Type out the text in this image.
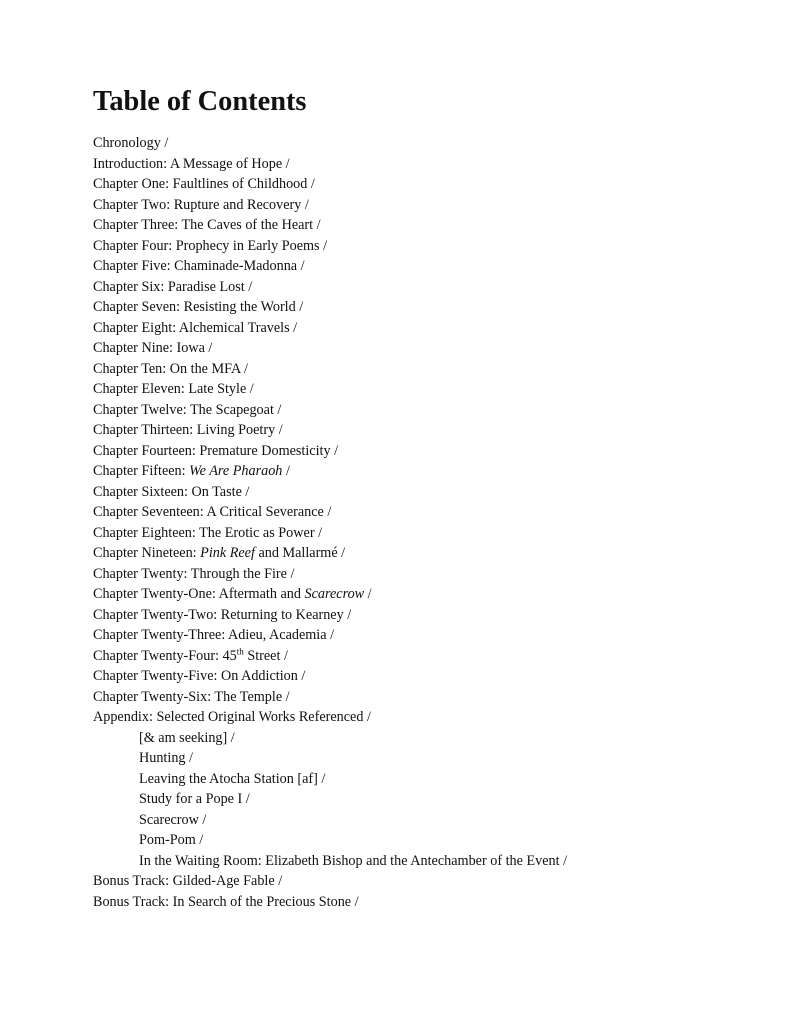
Table of Contents
Chronology /
Introduction: A Message of Hope /
Chapter One: Faultlines of Childhood /
Chapter Two: Rupture and Recovery /
Chapter Three: The Caves of the Heart /
Chapter Four: Prophecy in Early Poems /
Chapter Five: Chaminade-Madonna /
Chapter Six: Paradise Lost /
Chapter Seven: Resisting the World /
Chapter Eight: Alchemical Travels /
Chapter Nine: Iowa /
Chapter Ten: On the MFA /
Chapter Eleven: Late Style /
Chapter Twelve: The Scapegoat /
Chapter Thirteen: Living Poetry /
Chapter Fourteen: Premature Domesticity /
Chapter Fifteen: We Are Pharaoh /
Chapter Sixteen: On Taste /
Chapter Seventeen: A Critical Severance /
Chapter Eighteen: The Erotic as Power /
Chapter Nineteen: Pink Reef and Mallarmé /
Chapter Twenty: Through the Fire /
Chapter Twenty-One: Aftermath and Scarecrow /
Chapter Twenty-Two: Returning to Kearney /
Chapter Twenty-Three: Adieu, Academia /
Chapter Twenty-Four: 45th Street /
Chapter Twenty-Five: On Addiction /
Chapter Twenty-Six: The Temple /
Appendix: Selected Original Works Referenced /
[& am seeking] /
Hunting /
Leaving the Atocha Station [af] /
Study for a Pope I /
Scarecrow /
Pom-Pom /
In the Waiting Room: Elizabeth Bishop and the Antechamber of the Event /
Bonus Track: Gilded-Age Fable /
Bonus Track: In Search of the Precious Stone /
